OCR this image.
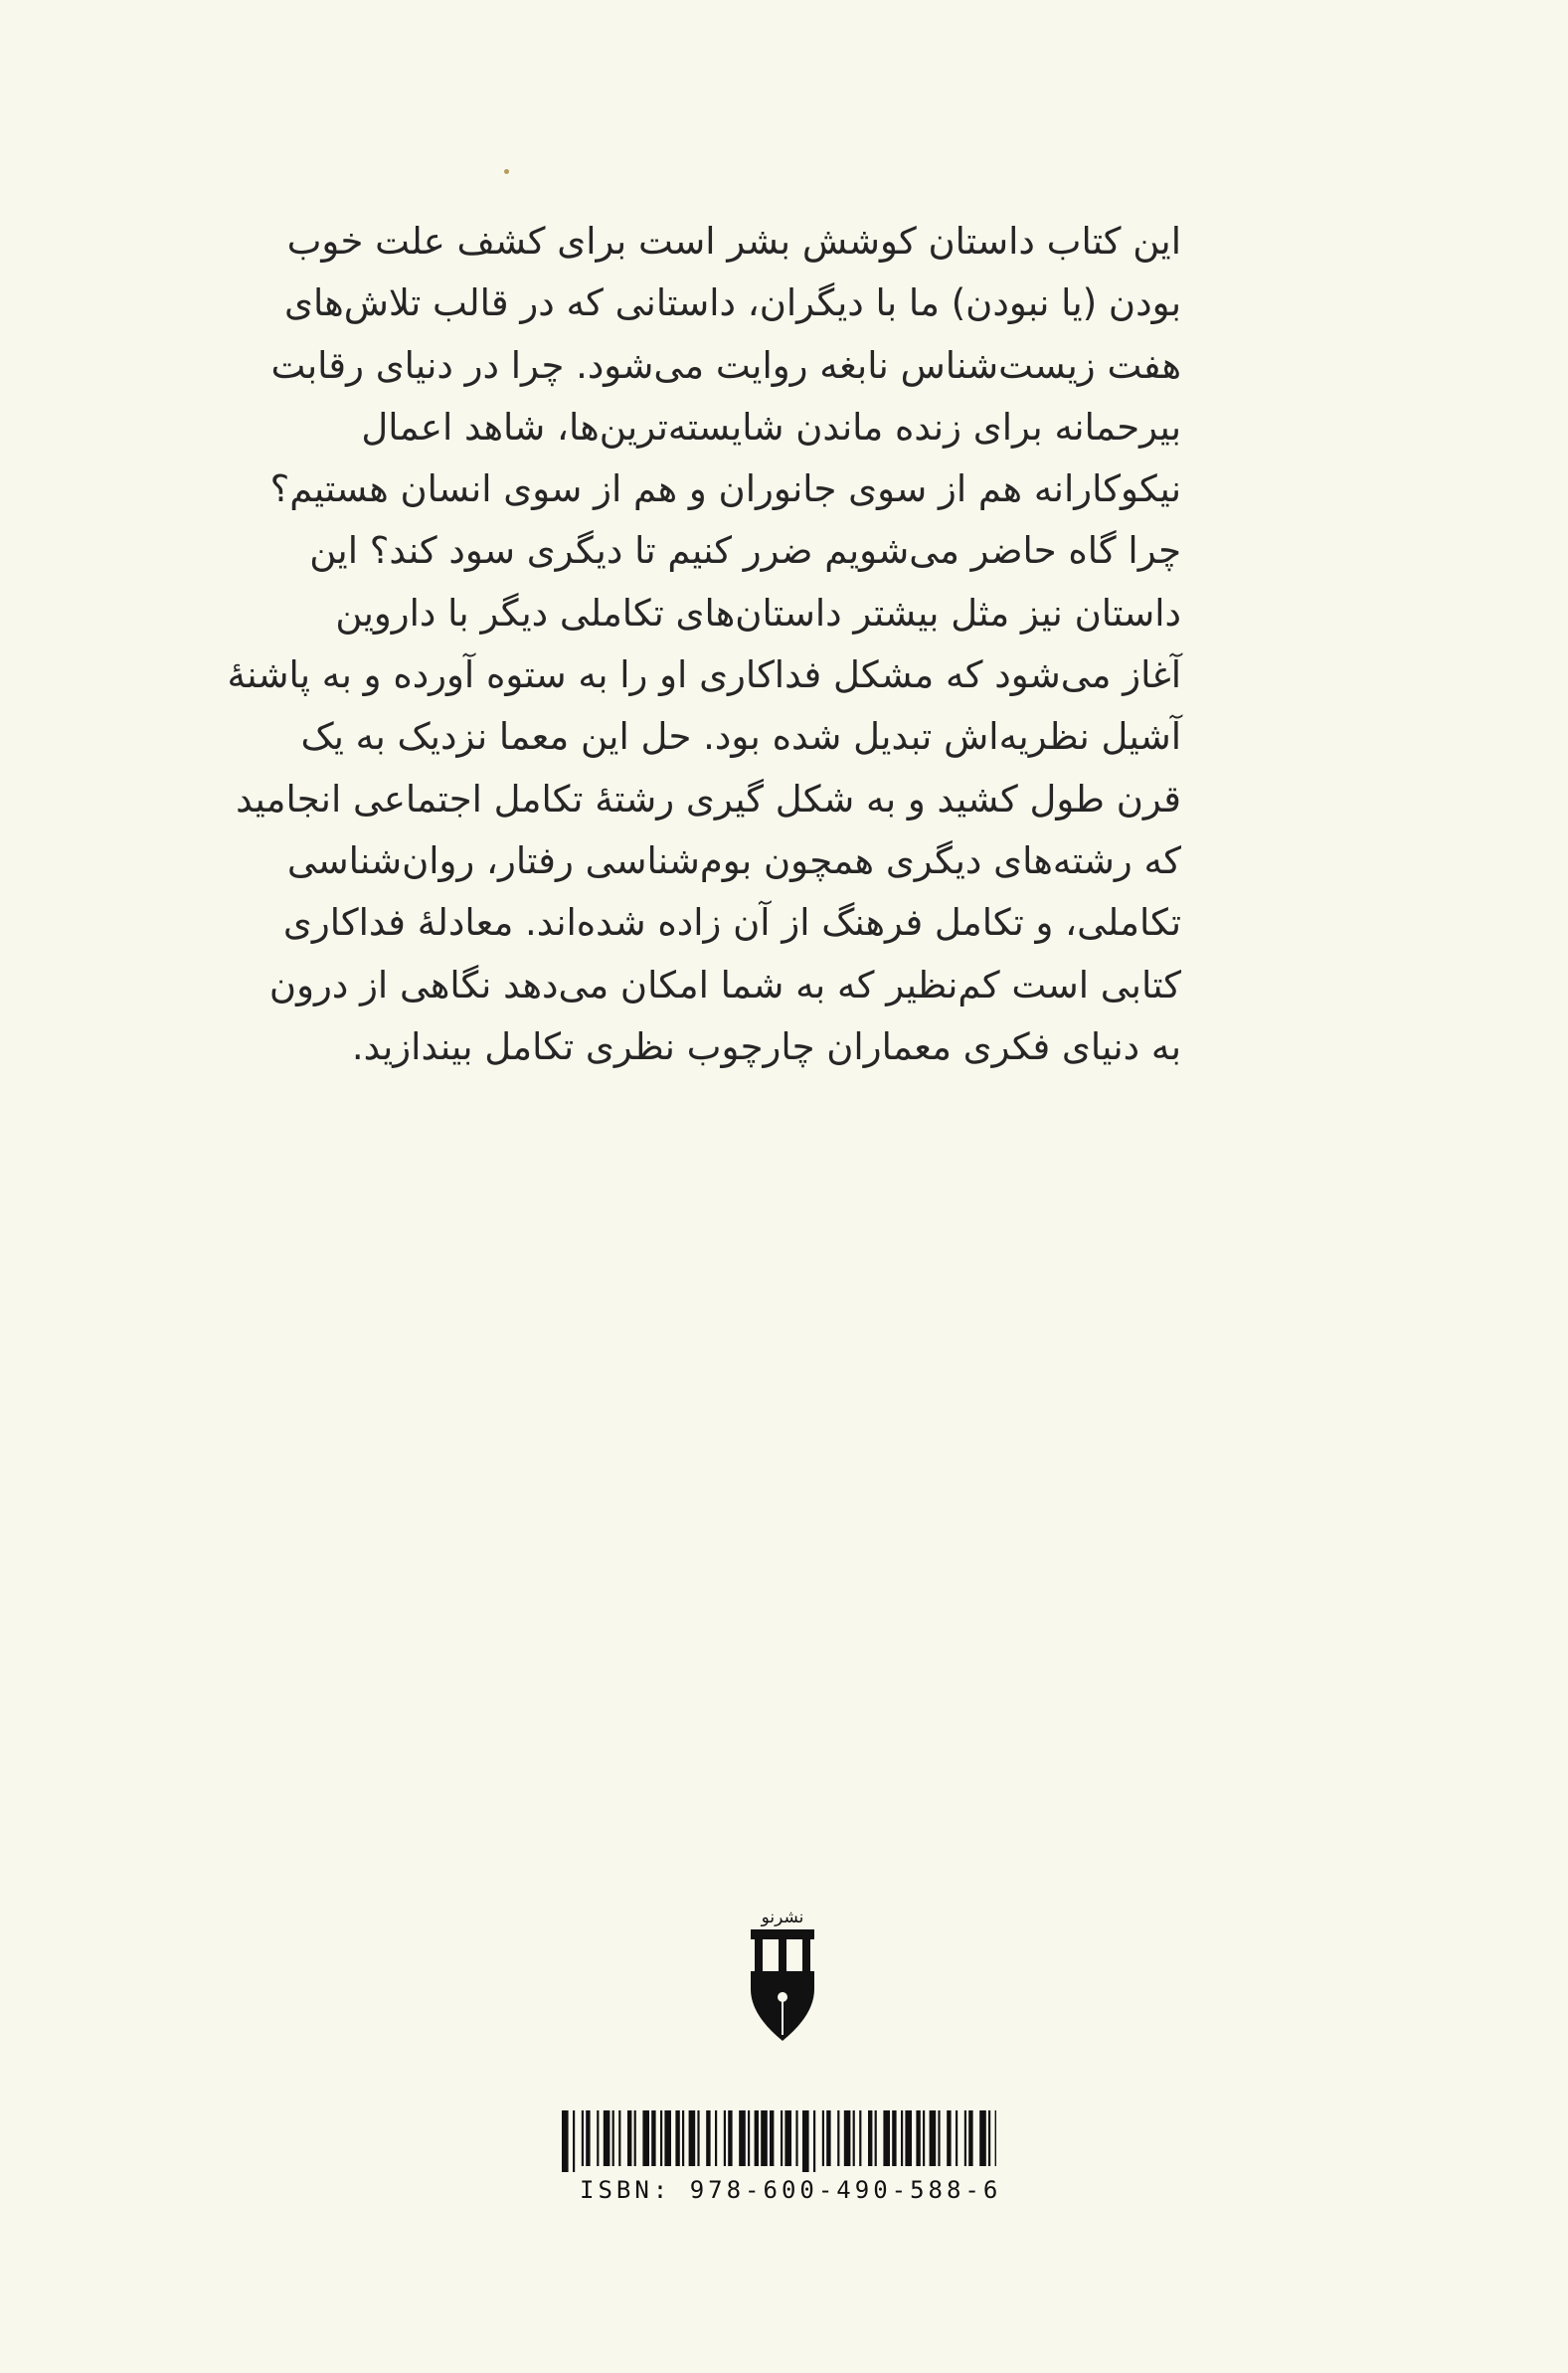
این کتاب داستان کوشش بشر است برای کشف علت خوب
بودن (یا نبودن) ما با دیگران، داستانی که در قالب تلاش‌های
هفت زیست‌شناس نابغه روایت می‌شود. چرا در دنیای رقابت
بیرحمانه برای زنده ماندن شایسته‌ترین‌ها، شاهد اعمال
نیکوکارانه هم از سوی جانوران و هم از سوی انسان هستیم؟
چرا گاه حاضر می‌شویم ضرر کنیم تا دیگری سود کند؟ این
داستان نیز مثل بیشتر داستان‌های تکاملی دیگر با داروین
آغاز می‌شود که مشکل فداکاری او را به ستوه آورده و به پاشنهٔ
آشیل نظریه‌اش تبدیل شده بود. حل این معما نزدیک به یک
قرن طول کشید و به شکل گیری رشتهٔ تکامل اجتماعی انجامید
که رشته‌های دیگری همچون بوم‌شناسی رفتار، روان‌شناسی
تکاملی، و تکامل فرهنگ از آن زاده شده‌اند. معادلهٔ فداکاری
کتابی است کم‌نظیر که به شما امکان می‌دهد نگاهی از درون
به دنیای فکری معماران چارچوب نظری تکامل بیندازید.
نشرنو

ISBN: 978-600-490-588-6
